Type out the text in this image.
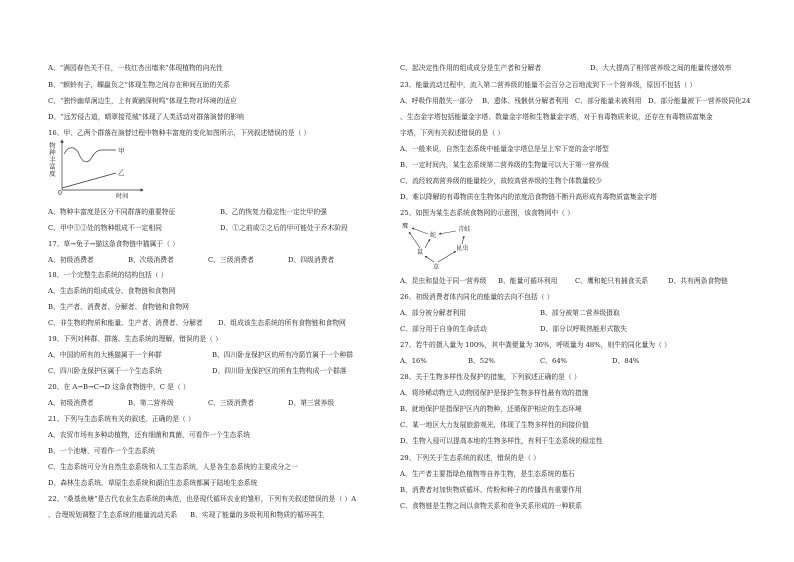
A、“满园春色关不住，一枝红杏出墙来”体现植物的向光性
B、“螟蛉有子，蜾蠃负之”体现生物之间存在种间互助的关系
C、“独怜幽草涧边生，上有黄鹂深树鸣”体现生物对环境的适应
D、“远芳侵古道，晴翠接荒城”体现了人类活动对群落演替的影响
16、甲、乙两个群落在演替过程中物种丰富度的变化如图所示，下列叙述错误的是（ ）
物种丰富度	甲
乙
0	时间
A、物种丰富度是区分不同群落的重要特征	B、乙的恢复力稳定性一定比甲的强
C、甲中①②处的物种组成不一定相同	D、①之前或②之后的甲可能处于乔木阶段
17、草→兔子→猫这条食物链中猫属于（ ）
A、初级消费者	B、次级消费者	C、三级消费者	D、四级消费者
18、一个完整生态系统的结构包括（ ）
A、生态系统的组成成分、食物链和食物网
B、生产者、消费者、分解者、食物链和食物网
C、非生物的物质和能量、生产者、消费者、分解者 D、组成该生态系统的所有食物链和食物网
19、下列对种群、群落、生态系统的理解，错误的是（ ）
A、中国的所有的大熊猫属于一个种群	B、四川卧龙保护区的所有冷箭竹属于一个种群
C、四川卧龙保护区属于一个生态系统	D、四川卧龙保护区的所有生物构成一个群落
20、在 A→B→C→D 这条食物链中，C 是（ ）
A、初级消费者	B、第二营养级	C、三级消费者	D、第三营养级
21、下列与生态系统有关的叙述，正确的是（ ）
A、农贸市场有多种动植物，还有细菌和真菌，可看作一个生态系统
B、一个池塘，可看作一个生态系统
C、生态系统可分为自然生态系统和人工生态系统，人是各生态系统的主要成分之一
D、森林生态系统、草原生态系统和湖泊生态系统都属于陆地生态系统
22、“桑基鱼塘”是古代农业生态系统的典范，也是现代循环农业的雏形，下列有关叙述错误的是（ ）A
、合理规划调整了生态系统的能量流动关系 B、实现了能量的多级利用和物质的循环再生
C、起决定性作用的组成成分是生产者和分解者	D、大大提高了相邻营养级之间的能量传递效率
23、能量流动过程中，流入第二营养级的能量不会百分之百地流到下一个营养级，原因不包括（ ）
A、呼吸作用散失一部分 B、遗体、残骸供分解者利用 C、部分能量未被利用 D、部分能量被下一营养级同化24
、生态金字塔包括能量金字塔、数量金字塔和生物量金字塔，对于有毒物质来说，还存在有毒物质富集金
字塔，下列有关叙述错误的是（ ）
A、一般来说，自然生态系统中能量金字塔总是呈上窄下宽的金字塔型
B、一定时间内，某生态系统第二营养级的生物量可以大于第一营养级
C、流经较高营养级的能量较少，故较高营养级的生物个体数量较少
D、难以降解的有毒物质在生物体内的浓度沿食物链不断升高形成有毒物质富集金字塔
25、如图为某生态系统食物网的示意图，该食物网中（ ）
鹰
蛇
青蛙
昆虫
鼠
草
A、昆虫和鼠处于同一营养级 B、能量可循环利用	C、鹰和蛇只有捕食关系	D、共有两条食物链
26、初级消费者体内同化的能量的去向不包括（ ）
A、部分被分解者利用	B、部分被第二营养级摄取
C、部分用于自身的生命活动	D、部分以呼吸热能形式散失
27、若牛的摄入量为 100%，其中粪便量为 36%，呼吸量为 48%，则牛的同化量为（ ）
A、16%	B、52%	C、64%	D、84%
28、关于生物多样性及保护的措施，下列叙述正确的是（ ）
A、将珍稀动物迁入动物园保护是保护生物多样性最有效的措施
B、就地保护是指保护区内的物种，还需保护相应的生态环境
C、某一地区大力发展旅游观光，体现了生物多样性的间接价值
D、生物入侵可以提高本地的生物多样性，有利于生态系统的稳定性
29、下列关于生态系统的叙述，错误的是（ ）
A、生产者主要指绿色植物等自养生物，是生态系统的基石
B、消费者对加快物质循环、传粉和种子的传播具有重要作用
C、食物链是生物之间以食物关系和竞争关系形成的一种联系
